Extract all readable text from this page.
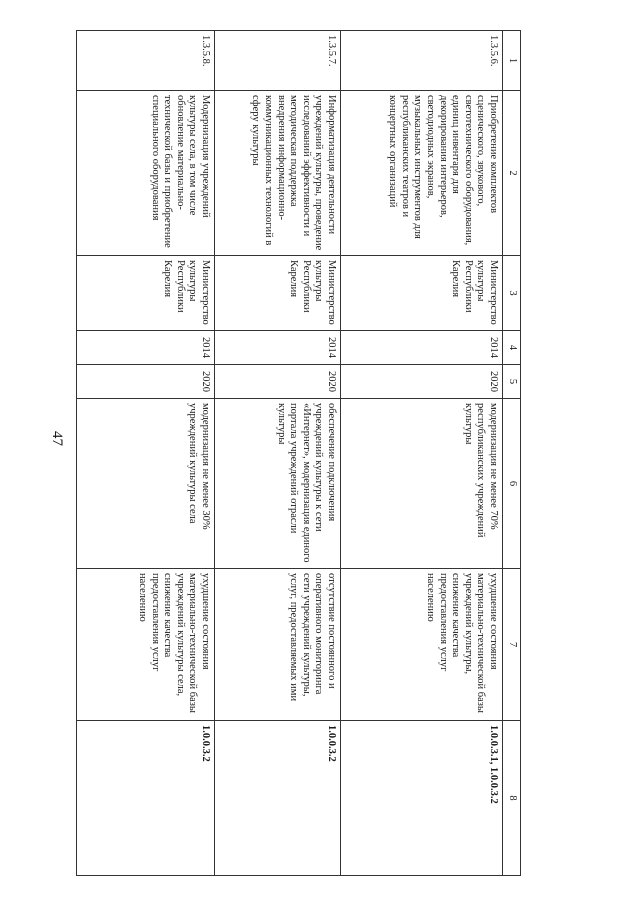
47
1	2	3	4	5	6	7	8
1.3.5.6.	Приобретение комплектов сценического, звукового, светотехнического оборудования, единиц инвентаря для декорирования интерьеров, светодиодных экранов, музыкальных инструментов для республиканских театров и концертных организаций	Министерство культуры Республики Карелия	2014	2020	модернизация не менее 70% республиканских учреждений культуры	ухудшение состояния материально-технической базы учреждений культуры, снижение качества предоставления услуг населению	1.0.0.3.1, 1.0.0.3.2
1.3.5.7.	Информатизация деятельности учреждений культуры, проведение исследований эффективности и методическая поддержка внедрения информационно-коммуникационных технологий в сферу культуры	Министерство культуры Республики Карелия	2014	2020	обеспечение подключения учреждений культуры к сети «Интернет», модернизация единого портала учреждений отрасли культуры	отсутствие постоянного и оперативного мониторинга сети учреждений культуры, услуг, предоставляемых ими	1.0.0.3.2
1.3.5.8.	Модернизация учреждений культуры села, в том числе обновление материально-технической базы и приобретение специального оборудования	Министерство культуры Республики Карелия	2014	2020	модернизация не менее 30% учреждений культуры села	ухудшение состояния материально-технической базы учреждений культуры села, снижение качества предоставления услуг населению	1.0.0.3.2
